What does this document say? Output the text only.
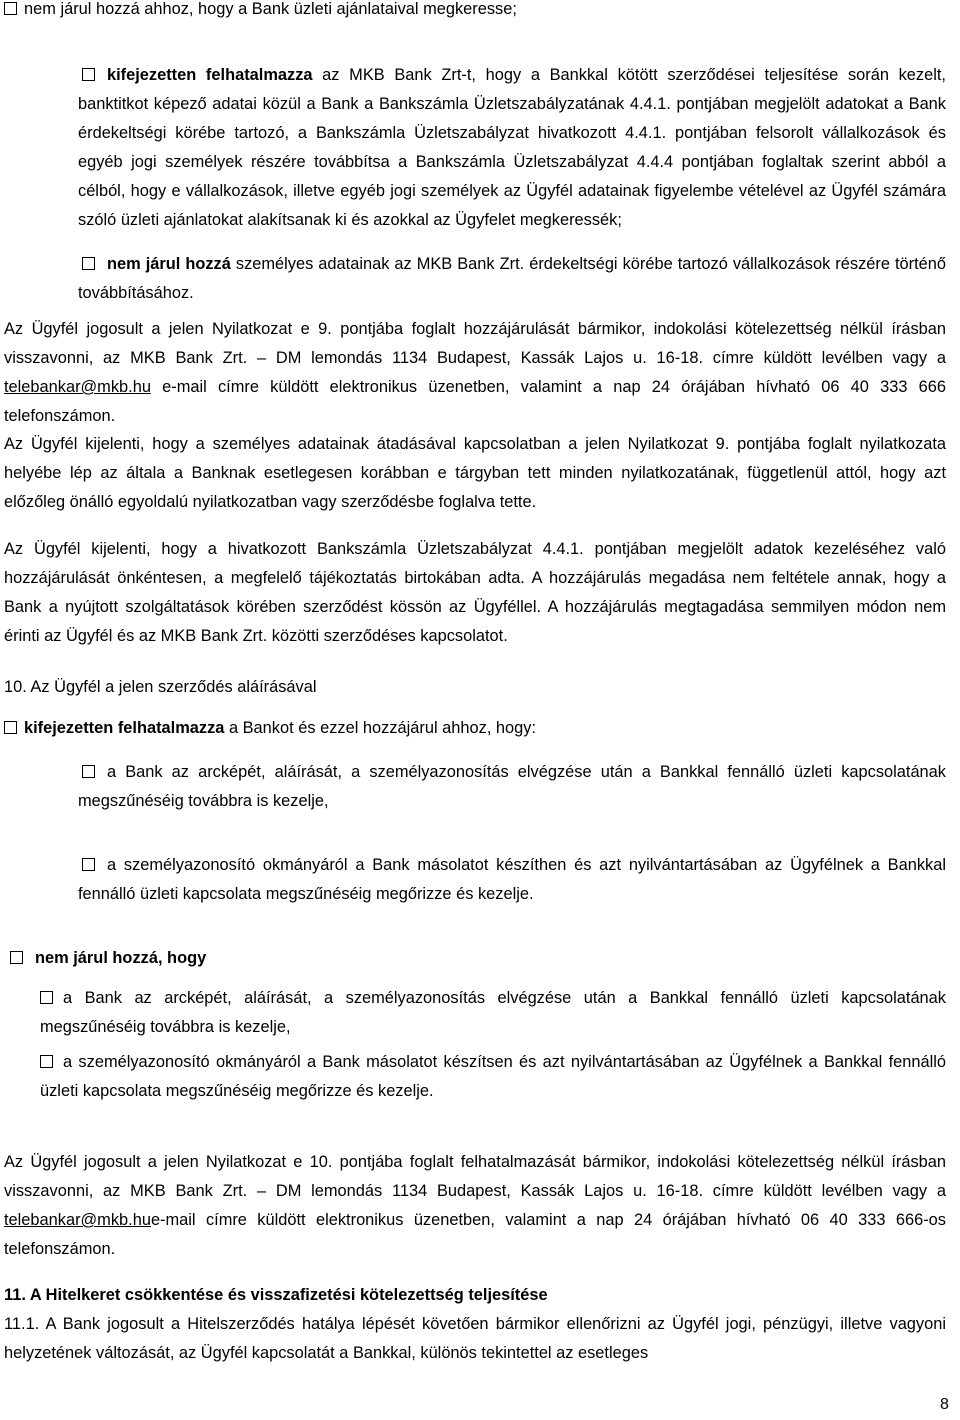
nem járul hozzá ahhoz, hogy a Bank üzleti ajánlataival megkeresse;

kifejezetten felhatalmazza az MKB Bank Zrt-t, hogy a Bankkal kötött szerződései teljesítése során kezelt, banktitkot képező adatai közül a Bank a Bankszámla Üzletszabályzatának 4.4.1. pontjában megjelölt adatokat a Bank érdekeltségi körébe tartozó, a Bankszámla Üzletszabályzat hivatkozott 4.4.1. pontjában felsorolt vállalkozások és egyéb jogi személyek részére továbbítsa a Bankszámla Üzletszabályzat 4.4.4 pontjában foglaltak szerint abból a célból, hogy e vállalkozások, illetve egyéb jogi személyek az Ügyfél adatainak figyelembe vételével az Ügyfél számára szóló üzleti ajánlatokat alakítsanak ki és azokkal az Ügyfelet megkeressék;

nem járul hozzá személyes adatainak az MKB Bank Zrt. érdekeltségi körébe tartozó vállalkozások részére történő továbbításához.

Az Ügyfél jogosult a jelen Nyilatkozat e 9. pontjába foglalt hozzájárulását bármikor, indokolási kötelezettség nélkül írásban visszavonni, az MKB Bank Zrt. – DM lemondás 1134 Budapest, Kassák Lajos u. 16-18. címre küldött levélben vagy a telebankar@mkb.hu e-mail címre küldött elektronikus üzenetben, valamint a nap 24 órájában hívható 06 40 333 666 telefonszámon.

Az Ügyfél kijelenti, hogy a személyes adatainak átadásával kapcsolatban a jelen Nyilatkozat 9. pontjába foglalt nyilatkozata helyébe lép az általa a Banknak esetlegesen korábban e tárgyban tett minden nyilatkozatának, függetlenül attól, hogy azt előzőleg önálló egyoldalú nyilatkozatban vagy szerződésbe foglalva tette.

Az Ügyfél kijelenti, hogy a hivatkozott Bankszámla Üzletszabályzat 4.4.1. pontjában megjelölt adatok kezeléséhez való hozzájárulását önkéntesen, a megfelelő tájékoztatás birtokában adta. A hozzájárulás megadása nem feltétele annak, hogy a Bank a nyújtott szolgáltatások körében szerződést kössön az Ügyféllel. A hozzájárulás megtagadása semmilyen módon nem érinti az Ügyfél és az MKB Bank Zrt. közötti szerződéses kapcsolatot.

10. Az Ügyfél a jelen szerződés aláírásával

kifejezetten felhatalmazza a Bankot és ezzel hozzájárul ahhoz, hogy:

a Bank az arcképét, aláírását, a személyazonosítás elvégzése után a Bankkal fennálló üzleti kapcsolatának megszűnéséig továbbra is kezelje,

a személyazonosító okmányáról a Bank másolatot készíthen és azt nyilvántartásában az Ügyfélnek a Bankkal fennálló üzleti kapcsolata megszűnéséig megőrizze és kezelje.

nem járul hozzá, hogy

a Bank az arcképét, aláírását, a személyazonosítás elvégzése után a Bankkal fennálló üzleti kapcsolatának megszűnéséig továbbra is kezelje,

a személyazonosító okmányáról a Bank másolatot készítsen és azt nyilvántartásában az Ügyfélnek a Bankkal fennálló üzleti kapcsolata megszűnéséig megőrizze és kezelje.

Az Ügyfél jogosult a jelen Nyilatkozat e 10. pontjába foglalt felhatalmazását bármikor, indokolási kötelezettség nélkül írásban visszavonni, az MKB Bank Zrt. – DM lemondás 1134 Budapest, Kassák Lajos u. 16-18. címre küldött levélben vagy a telebankar@mkb.hue-mail címre küldött elektronikus üzenetben, valamint a nap 24 órájában hívható 06 40 333 666-os telefonszámon.

11. A Hitelkeret csökkentése és visszafizetési kötelezettség teljesítése

11.1. A Bank jogosult a Hitelszerződés hatálya lépését követően bármikor ellenőrizni az Ügyfél jogi, pénzügyi, illetve vagyoni helyzetének változását, az Ügyfél kapcsolatát a Bankkal, különös tekintettel az esetleges

8
